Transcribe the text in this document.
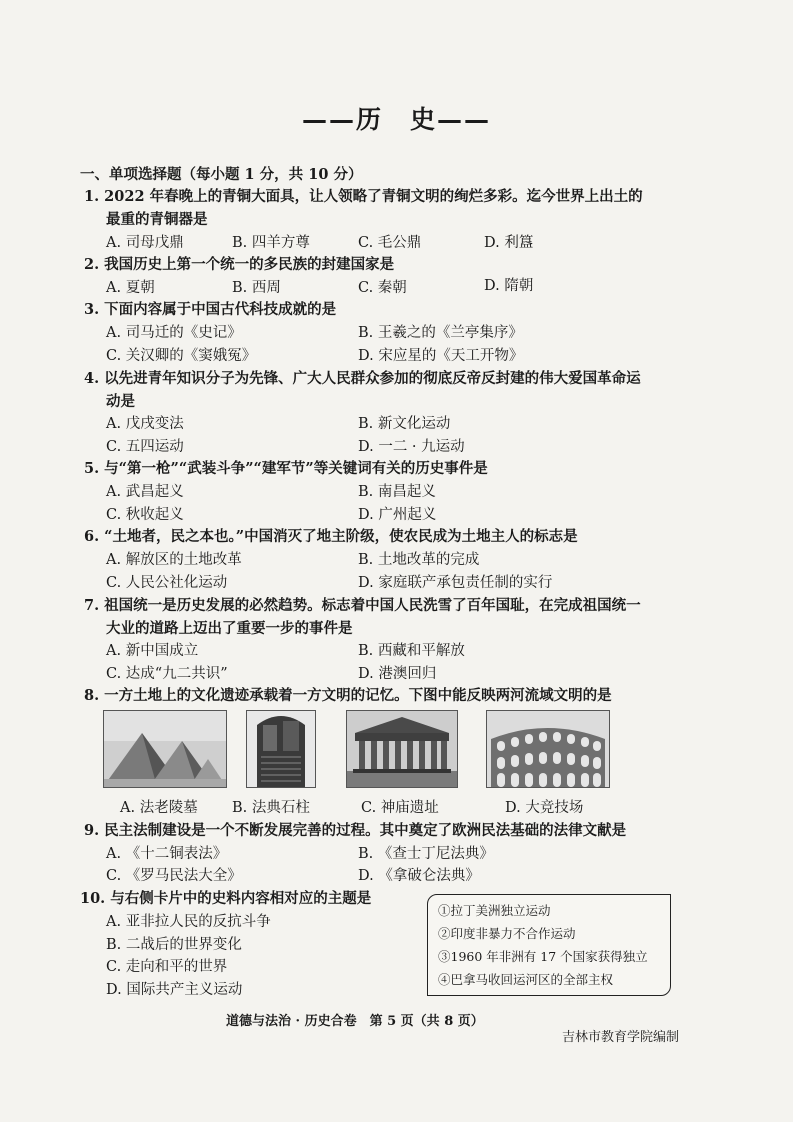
——历　史——
一、单项选择题（每小题 1 分，共 10 分）
1. 2022 年春晚上的青铜大面具，让人领略了青铜文明的绚烂多彩。迄今世界上出土的
最重的青铜器是
A. 司母戊鼎	B. 四羊方尊	C. 毛公鼎	D. 利簋
2. 我国历史上第一个统一的多民族的封建国家是
A. 夏朝	B. 西周	C. 秦朝	D. 隋朝
3. 下面内容属于中国古代科技成就的是
A. 司马迁的《史记》	B. 王羲之的《兰亭集序》
C. 关汉卿的《窦娥冤》	D. 宋应星的《天工开物》
4. 以先进青年知识分子为先锋、广大人民群众参加的彻底反帝反封建的伟大爱国革命运
动是
A. 戊戌变法	B. 新文化运动
C. 五四运动	D. 一二 · 九运动
5. 与“第一枪”“武装斗争”“建军节”等关键词有关的历史事件是
A. 武昌起义	B. 南昌起义
C. 秋收起义	D. 广州起义
6. “土地者，民之本也。”中国消灭了地主阶级，使农民成为土地主人的标志是
A. 解放区的土地改革	B. 土地改革的完成
C. 人民公社化运动	D. 家庭联产承包责任制的实行
7. 祖国统一是历史发展的必然趋势。标志着中国人民洗雪了百年国耻，在完成祖国统一
大业的道路上迈出了重要一步的事件是
A. 新中国成立	B. 西藏和平解放
C. 达成“九二共识”	D. 港澳回归
8. 一方土地上的文化遗迹承载着一方文明的记忆。下图中能反映两河流域文明的是
A. 法老陵墓 B. 法典石柱	C. 神庙遗址	D. 大竞技场
9. 民主法制建设是一个不断发展完善的过程。其中奠定了欧洲民法基础的法律文献是
A. 《十二铜表法》	B. 《查士丁尼法典》
C. 《罗马民法大全》	D. 《拿破仑法典》
10. 与右侧卡片中的史料内容相对应的主题是
A. 亚非拉人民的反抗斗争
B. 二战后的世界变化
C. 走向和平的世界
D. 国际共产主义运动
①拉丁美洲独立运动
②印度非暴力不合作运动
③1960 年非洲有 17 个国家获得独立
④巴拿马收回运河区的全部主权
道德与法治 · 历史合卷　第 5 页（共 8 页）
吉林市教育学院编制
